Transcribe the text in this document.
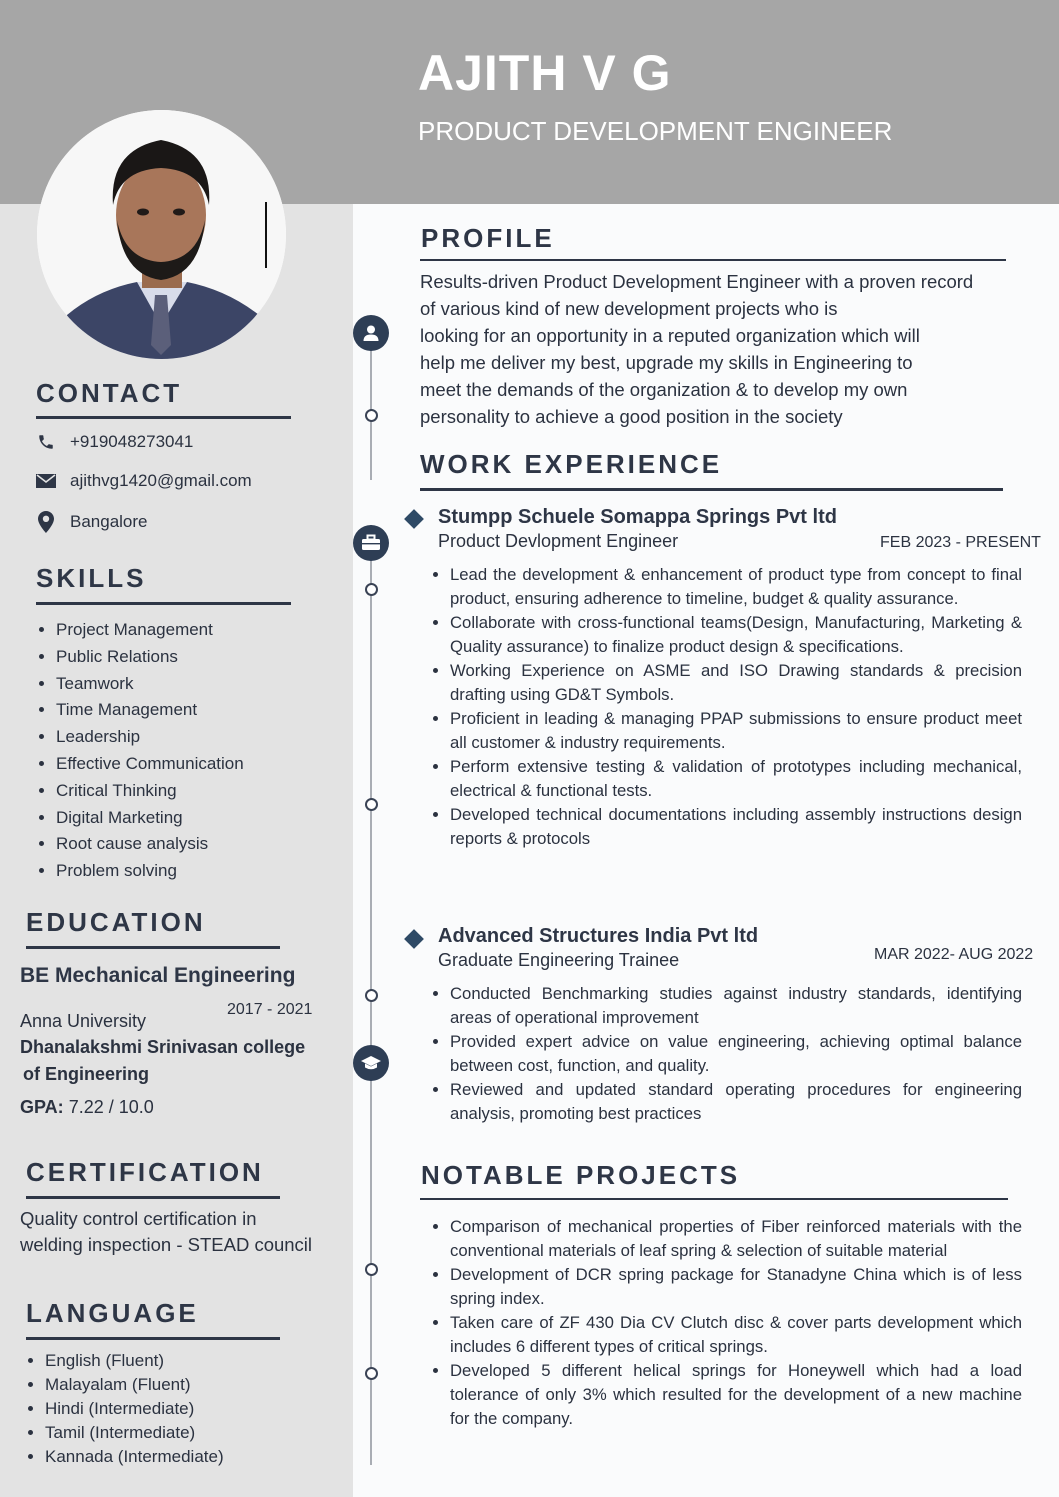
AJITH V G
PRODUCT DEVELOPMENT ENGINEER
CONTACT
+919048273041
ajithvg1420@gmail.com
Bangalore
SKILLS
• Project Management
• Public Relations
• Teamwork
• Time Management
• Leadership
• Effective Communication
• Critical Thinking
• Digital Marketing
• Root cause analysis
• Problem solving
EDUCATION
BE Mechanical Engineering
2017 - 2021
Anna University
Dhanalakshmi Srinivasan college
of Engineering
GPA: 7.22 / 10.0
CERTIFICATION
Quality control certification in
welding inspection - STEAD council
LANGUAGE
• English (Fluent)
• Malayalam (Fluent)
• Hindi (Intermediate)
• Tamil (Intermediate)
• Kannada (Intermediate)
PROFILE
Results-driven Product Development Engineer with a proven record
of various kind of new development projects who is
looking for an opportunity in a reputed organization which will
help me deliver my best, upgrade my skills in Engineering to
meet the demands of the organization & to develop my own
personality to achieve a good position in the society
WORK EXPERIENCE
Stumpp Schuele Somappa Springs Pvt ltd
Product Devlopment Engineer	FEB 2023 - PRESENT
• Lead the development & enhancement of product type from concept to final product, ensuring adherence to timeline, budget & quality assurance.
• Collaborate with cross-functional teams(Design, Manufacturing, Marketing & Quality assurance) to finalize product design & specifications.
• Working Experience on ASME and ISO Drawing standards & precision drafting using GD&T Symbols.
• Proficient in leading & managing PPAP submissions to ensure product meet all customer & industry requirements.
• Perform extensive testing & validation of prototypes including mechanical, electrical & functional tests.
• Developed technical documentations including assembly instructions design reports & protocols
Advanced Structures India Pvt ltd
Graduate Engineering Trainee	MAR 2022- AUG 2022
• Conducted Benchmarking studies against industry standards, identifying areas of operational improvement
• Provided expert advice on value engineering, achieving optimal balance between cost, function, and quality.
• Reviewed and updated standard operating procedures for engineering analysis, promoting best practices
NOTABLE PROJECTS
• Comparison of mechanical properties of Fiber reinforced materials with the conventional materials of leaf spring & selection of suitable material
• Development of DCR spring package for Stanadyne China which is of less spring index.
• Taken care of ZF 430 Dia CV Clutch disc & cover parts development which includes 6 different types of critical springs.
• Developed 5 different helical springs for Honeywell which had a load tolerance of only 3% which resulted for the development of a new machine for the company.
